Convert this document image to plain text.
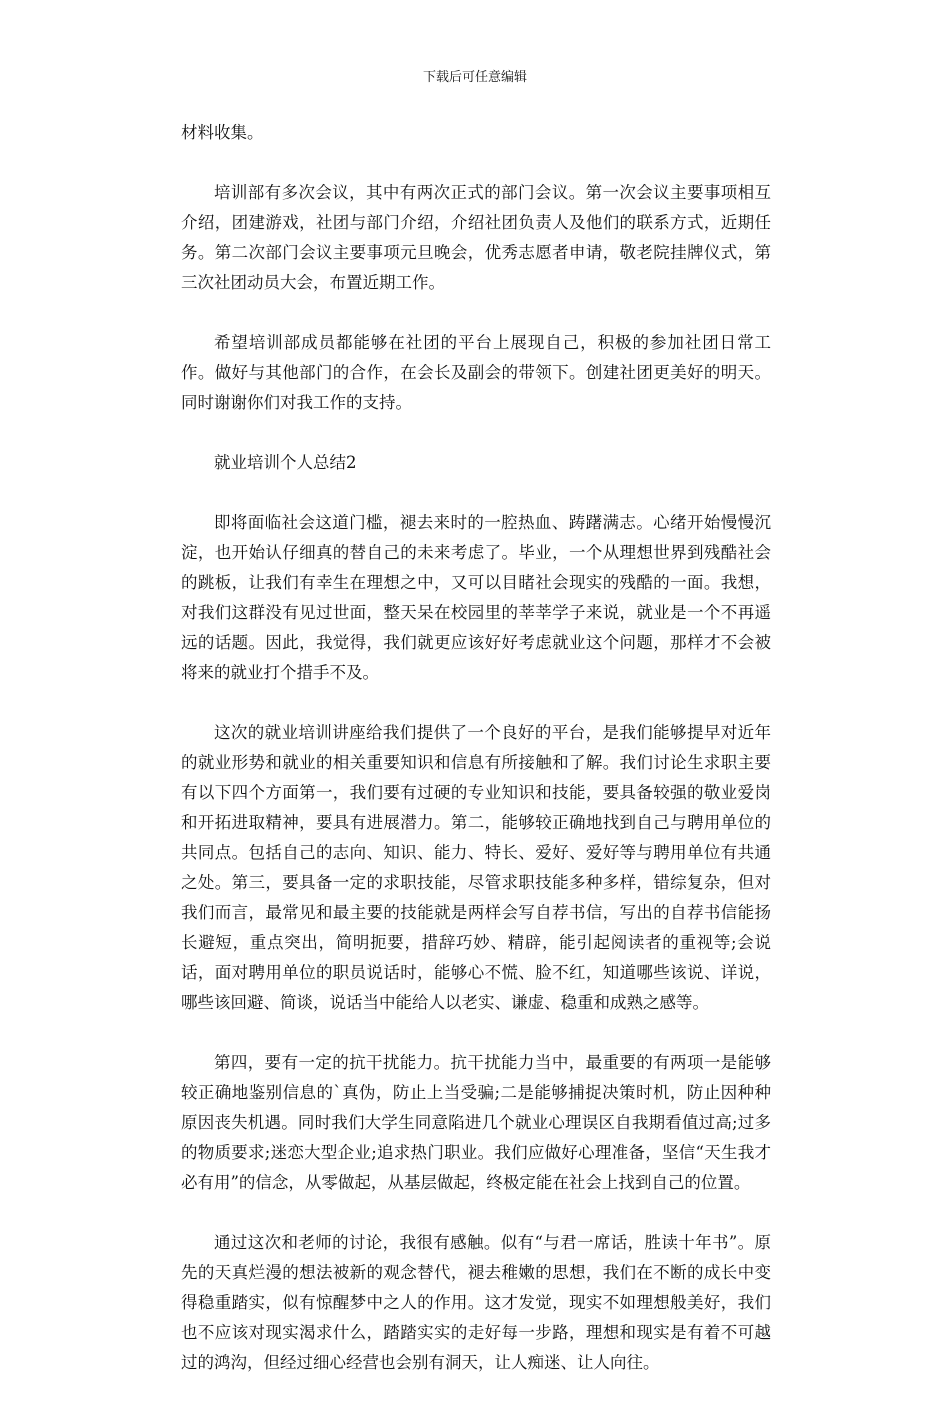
下载后可任意编辑

材料收集。

培训部有多次会议，其中有两次正式的部门会议。第一次会议主要事项相互介绍，团建游戏，社团与部门介绍，介绍社团负责人及他们的联系方式，近期任务。第二次部门会议主要事项元旦晚会，优秀志愿者申请，敬老院挂牌仪式，第三次社团动员大会，布置近期工作。

希望培训部成员都能够在社团的平台上展现自己，积极的参加社团日常工作。做好与其他部门的合作，在会长及副会的带领下。创建社团更美好的明天。同时谢谢你们对我工作的支持。

就业培训个人总结2

即将面临社会这道门槛，褪去来时的一腔热血、踌躇满志。心绪开始慢慢沉淀，也开始认仔细真的替自己的未来考虑了。毕业，一个从理想世界到残酷社会的跳板，让我们有幸生在理想之中，又可以目睹社会现实的残酷的一面。我想，对我们这群没有见过世面，整天呆在校园里的莘莘学子来说，就业是一个不再遥远的话题。因此，我觉得，我们就更应该好好考虑就业这个问题，那样才不会被将来的就业打个措手不及。

这次的就业培训讲座给我们提供了一个良好的平台，是我们能够提早对近年的就业形势和就业的相关重要知识和信息有所接触和了解。我们讨论生求职主要有以下四个方面第一，我们要有过硬的专业知识和技能，要具备较强的敬业爱岗和开拓进取精神，要具有进展潜力。第二，能够较正确地找到自己与聘用单位的共同点。包括自己的志向、知识、能力、特长、爱好、爱好等与聘用单位有共通之处。第三，要具备一定的求职技能，尽管求职技能多种多样，错综复杂，但对我们而言，最常见和最主要的技能就是两样会写自荐书信，写出的自荐书信能扬长避短，重点突出，简明扼要，措辞巧妙、精辟，能引起阅读者的重视等;会说话，面对聘用单位的职员说话时，能够心不慌、脸不红，知道哪些该说、详说，哪些该回避、简谈，说话当中能给人以老实、谦虚、稳重和成熟之感等。

第四，要有一定的抗干扰能力。抗干扰能力当中，最重要的有两项一是能够较正确地鉴别信息的`真伪，防止上当受骗;二是能够捕捉决策时机，防止因种种原因丧失机遇。同时我们大学生同意陷进几个就业心理误区自我期看值过高;过多的物质要求;迷恋大型企业;追求热门职业。我们应做好心理准备，坚信“天生我才必有用”的信念，从零做起，从基层做起，终极定能在社会上找到自己的位置。

通过这次和老师的讨论，我很有感触。似有“与君一席话，胜读十年书”。原先的天真烂漫的想法被新的观念替代，褪去稚嫩的思想，我们在不断的成长中变得稳重踏实，似有惊醒梦中之人的作用。这才发觉，现实不如理想般美好，我们也不应该对现实渴求什么，踏踏实实的走好每一步路，理想和现实是有着不可越过的鸿沟，但经过细心经营也会别有洞天，让人痴迷、让人向往。
